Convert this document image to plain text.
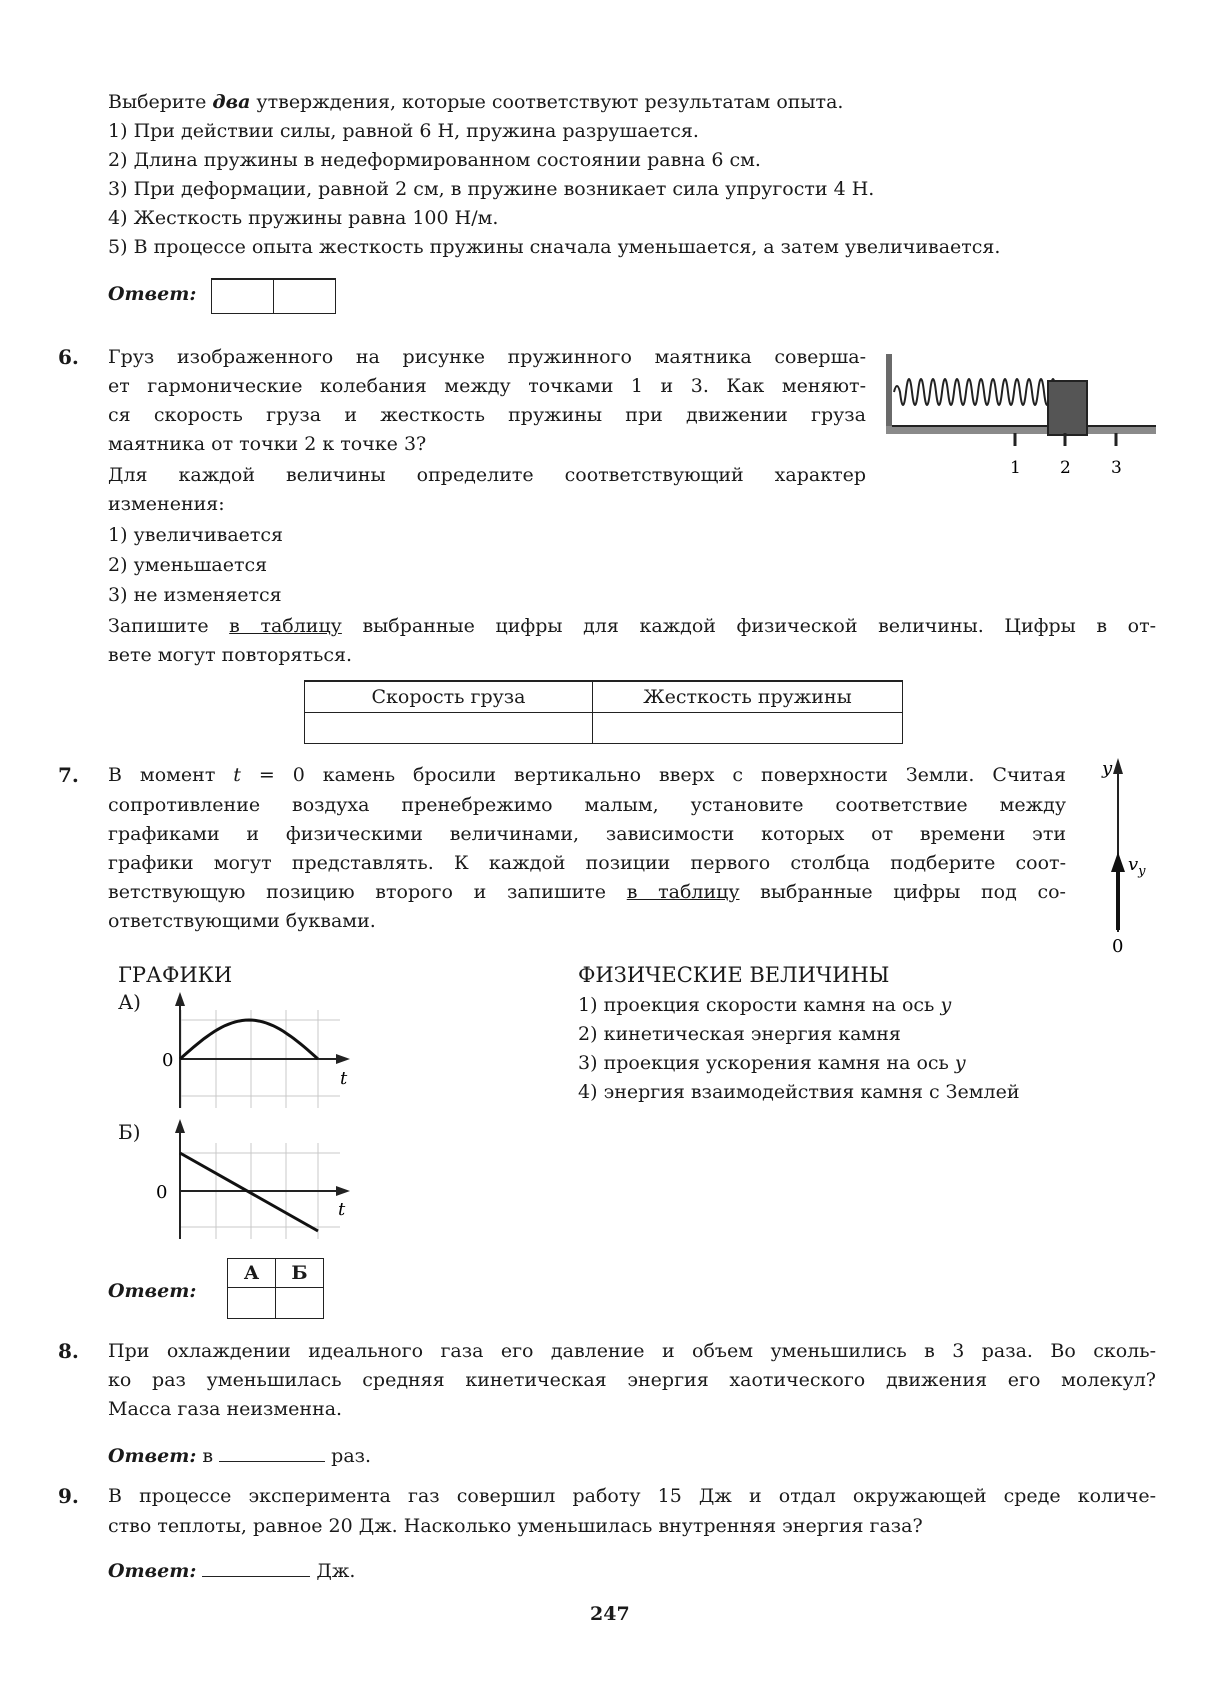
Выберите два утверждения, которые соответствуют результатам опыта.
1) При действии силы, равной 6 Н, пружина разрушается.
2) Длина пружины в недеформированном состоянии равна 6 см.
3) При деформации, равной 2 см, в пружине возникает сила упругости 4 Н.
4) Жесткость пружины равна 100 Н/м.
5) В процессе опыта жесткость пружины сначала уменьшается, а затем увеличивается.
Ответ:
6. Груз изображенного на рисунке пружинного маятника соверша-
ет гармонические колебания между точками 1 и 3. Как меняют-
ся скорость груза и жесткость пружины при движении груза
маятника от точки 2 к точке 3?
Для каждой величины определите соответствующий характер
изменения:
1) увеличивается
2) уменьшается
3) не изменяется
Запишите в таблицу выбранные цифры для каждой физической величины. Цифры в от-
вете могут повторяться.
1 2 3
Скорость груза	Жесткость пружины

7. В момент t = 0 камень бросили вертикально вверх с поверхности Земли. Считая
сопротивление воздуха пренебрежимо малым, установите соответствие между
графиками и физическими величинами, зависимости которых от времени эти
графики могут представлять. К каждой позиции первого столбца подберите соот-
ветствующую позицию второго и запишите в таблицу выбранные цифры под со-
ответствующими буквами.
y
$v_y$
0
ГРАФИКИ
А)
0
t
Б)
0
t
ФИЗИЧЕСКИЕ ВЕЛИЧИНЫ
1) проекция скорости камня на ось y
2) кинетическая энергия камня
3) проекция ускорения камня на ось y
4) энергия взаимодействия камня с Землей
Ответ:
А	Б

8. При охлаждении идеального газа его давление и объем уменьшились в 3 раза. Во сколь-
ко раз уменьшилась средняя кинетическая энергия хаотического движения его молекул?
Масса газа неизменна.
Ответ: в	раз.
9. В процессе эксперимента газ совершил работу 15 Дж и отдал окружающей среде количе-
ство теплоты, равное 20 Дж. Насколько уменьшилась внутренняя энергия газа?
Ответ:	Дж.
247
